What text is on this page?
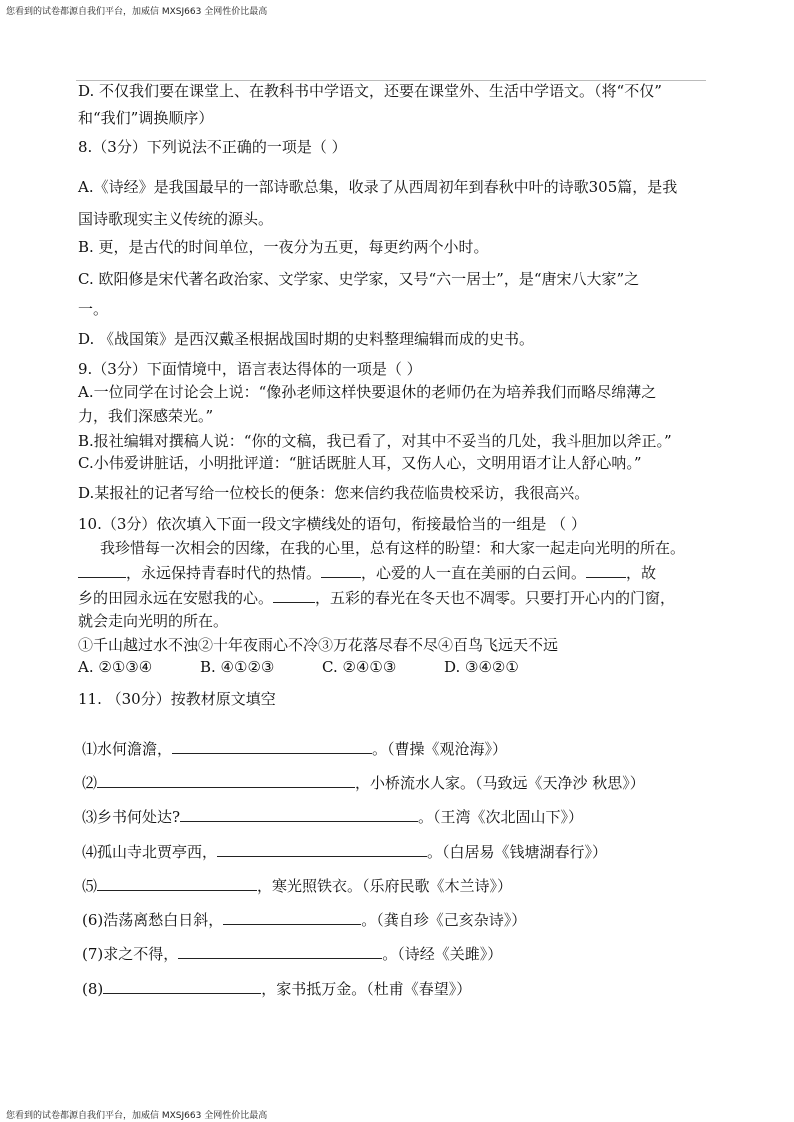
您看到的试卷都源自我们平台，加威信 MXSJ663 全网性价比最高
D. 不仅我们要在课堂上、在教科书中学语文，还要在课堂外、生活中学语文。（将“不仅”
和“我们”调换顺序）
8.（3分）下列说法不正确的一项是（ ）
A.《诗经》是我国最早的一部诗歌总集，收录了从西周初年到春秋中叶的诗歌305篇，是我
国诗歌现实主义传统的源头。
B. 更，是古代的时间单位，一夜分为五更，每更约两个小时。
C. 欧阳修是宋代著名政治家、文学家、史学家，又号“六一居士”，是“唐宋八大家”之
一。
D. 《战国策》是西汉戴圣根据战国时期的史料整理编辑而成的史书。
9.（3分）下面情境中，语言表达得体的一项是（ ）
A.一位同学在讨论会上说：“像孙老师这样快要退休的老师仍在为培养我们而略尽绵薄之
力，我们深感荣光。”
B.报社编辑对撰稿人说：“你的文稿，我已看了，对其中不妥当的几处，我斗胆加以斧正。”
C.小伟爱讲脏话，小明批评道：“脏话既脏人耳，又伤人心，文明用语才让人舒心呐。”
D.某报社的记者写给一位校长的便条：您来信约我莅临贵校采访，我很高兴。
10.（3分）依次填入下面一段文字横线处的语句，衔接最恰当的一组是 （ ）
我珍惜每一次相会的因缘，在我的心里，总有这样的盼望：和大家一起走向光明的所在。
，永远保持青春时代的热情。	，心爱的人一直在美丽的白云间。	，故
乡的田园永远在安慰我的心。	，五彩的春光在冬天也不凋零。只要打开心内的门窗，
就会走向光明的所在。
①千山越过水不浊②十年夜雨心不冷③万花落尽春不尽④百鸟飞远天不远
A. ②①③④	B. ④①②③	C. ②④①③	D. ③④②①
11. （30分）按教材原文填空
⑴水何澹澹，	。（曹操《观沧海》）
⑵	，小桥流水人家。（马致远《天净沙 秋思》）
⑶乡书何处达?	。（王湾《次北固山下》）
⑷孤山寺北贾亭西，	。（白居易《钱塘湖春行》）
⑸	，寒光照铁衣。（乐府民歌《木兰诗》）
(6)浩荡离愁白日斜，	。（龚自珍《己亥杂诗》）
(7)求之不得，	。（诗经《关雎》）
(8)	，家书抵万金。（杜甫《春望》）
您看到的试卷都源自我们平台，加威信 MXSJ663 全网性价比最高
